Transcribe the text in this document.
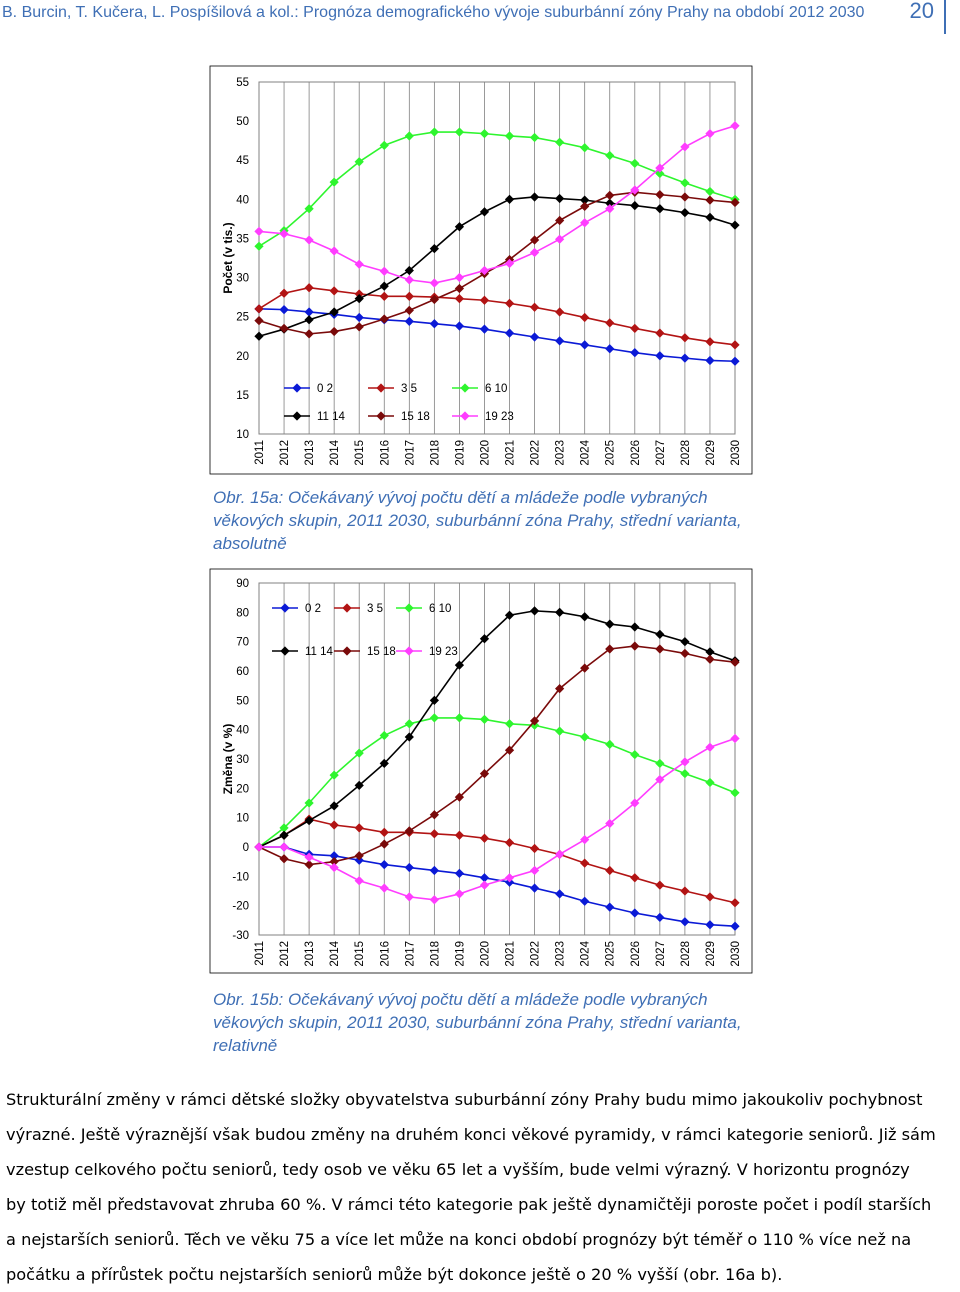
B. Burcin, T. Kučera, L. Pospíšilová a kol.: Prognóza demografického vývoje suburbánní zóny Prahy na období 2012 2030 20
10
15
20
25
30
35
40
45
50
55
2011 2012 2013 2014 2015 2016 2017 2018 2019 2020 2021 2022 2023 2024 2025 2026 2027 2028 2029 2030
Počet (v tis.)
0 2	3 5	6 10
11 14	15 18	19 23
Obr. 15a: Očekávaný vývoj počtu dětí a mládeže podle vybraných věkových skupin, 2011 2030, suburbánní zóna Prahy, střední varianta, absolutně
-30
-20
-10
0
10
20
30
40
50
60
70
80
90
2011 2012 2013 2014 2015 2016 2017 2018 2019 2020 2021 2022 2023 2024 2025 2026 2027 2028 2029 2030
Změna (v %)
0 2	3 5	6 10
11 14	15 18	19 23
Obr. 15b: Očekávaný vývoj počtu dětí a mládeže podle vybraných věkových skupin, 2011 2030, suburbánní zóna Prahy, střední varianta, relativně
Strukturální změny v rámci dětské složky obyvatelstva suburbánní zóny Prahy budu mimo jakoukoliv pochybnost
výrazné. Ještě výraznější však budou změny na druhém konci věkové pyramidy, v rámci kategorie seniorů. Již sám
vzestup celkového počtu seniorů, tedy osob ve věku 65 let a vyšším, bude velmi výrazný. V horizontu prognózy
by totiž měl představovat zhruba 60 %. V rámci této kategorie pak ještě dynamičtěji poroste počet i podíl starších
a nejstarších seniorů. Těch ve věku 75 a více let může na konci období prognózy být téměř o 110 % více než na
počátku a přírůstek počtu nejstarších seniorů může být dokonce ještě o 20 % vyšší (obr. 16a b).
